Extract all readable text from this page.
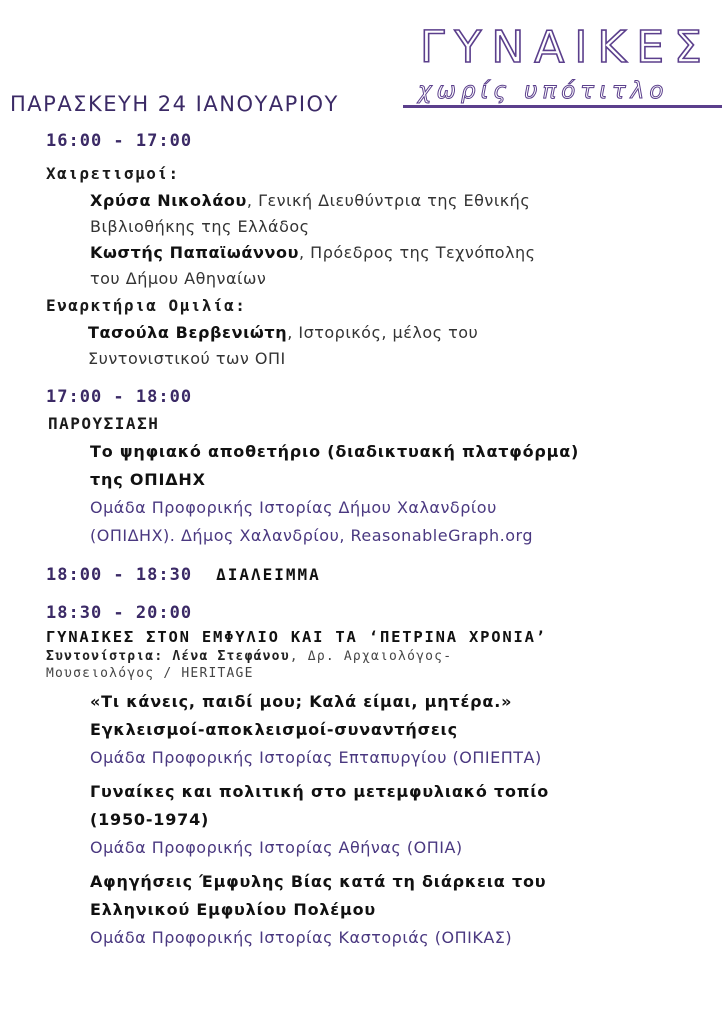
ΓΥΝΑΙΚΕΣ
χωρίς υπότιτλο
ΠΑΡΑΣΚΕΥΗ 24 ΙΑΝΟΥΑΡΙΟΥ
16:00 - 17:00
Χαιρετισμοί:
Χρύσα Νικολάου, Γενική Διευθύντρια της Εθνικής
Βιβλιοθήκης της Ελλάδος
Κωστής Παπαϊωάννου, Πρόεδρος της Τεχνόπολης
του Δήμου Αθηναίων
Εναρκτήρια Ομιλία:
Τασούλα Βερβενιώτη, Ιστορικός, μέλος του
Συντονιστικού των ΟΠΙ
17:00 - 18:00
ΠΑΡΟΥΣΙΑΣΗ
Το ψηφιακό αποθετήριο (διαδικτυακή πλατφόρμα)
της ΟΠΙΔΗΧ
Ομάδα Προφορικής Ιστορίας Δήμου Χαλανδρίου
(ΟΠΙΔΗΧ). Δήμος Χαλανδρίου, ReasonableGraph.org
18:00 - 18:30 ΔΙΑΛΕΙΜΜΑ
18:30 - 20:00
ΓΥΝΑΙΚΕΣ ΣΤΟΝ ΕΜΦΥΛΙΟ ΚΑΙ ΤΑ ‘ΠΕΤΡΙΝΑ ΧΡΟΝΙΑ’
Συντονίστρια: Λένα Στεφάνου, Δρ. Αρχαιολόγος-
Μουσειολόγος / HERITAGE
«Τι κάνεις, παιδί μου; Καλά είμαι, μητέρα.»
Εγκλεισμοί-αποκλεισμοί-συναντήσεις
Ομάδα Προφορικής Ιστορίας Επταπυργίου (ΟΠΙΕΠΤΑ)
Γυναίκες και πολιτική στο μετεμφυλιακό τοπίο
(1950-1974)
Ομάδα Προφορικής Ιστορίας Αθήνας (ΟΠΙΑ)
Αφηγήσεις Έμφυλης Βίας κατά τη διάρκεια του
Ελληνικού Εμφυλίου Πολέμου
Ομάδα Προφορικής Ιστορίας Καστοριάς (ΟΠΙΚΑΣ)
